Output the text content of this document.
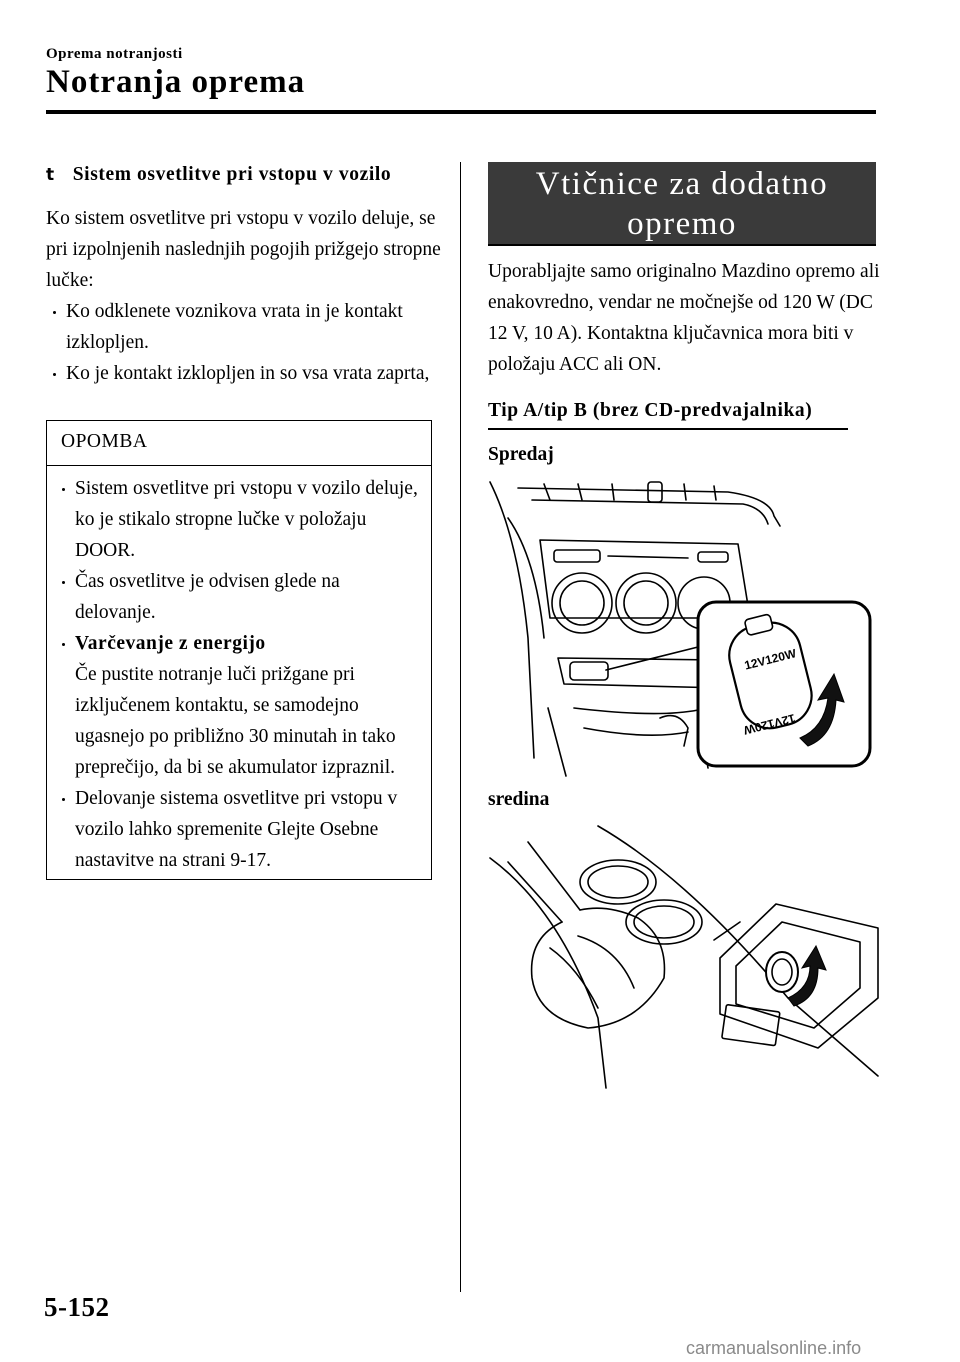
Oprema notranjosti
Notranja oprema
t Sistem osvetlitve pri vstopu v vozilo
Ko sistem osvetlitve pri vstopu v vozilo deluje, se pri izpolnjenih naslednjih pogojih prižgejo stropne lučke:
Ko odklenete voznikova vrata in je kontakt izklopljen.
Ko je kontakt izklopljen in so vsa vrata zaprta,
OPOMBA
Sistem osvetlitve pri vstopu v vozilo deluje, ko je stikalo stropne lučke v položaju DOOR.
Čas osvetlitve je odvisen glede na delovanje.
Varčevanje z energijo
Če pustite notranje luči prižgane pri izključenem kontaktu, se samodejno ugasnejo po približno 30 minutah in tako preprečijo, da bi se akumulator izpraznil.
Delovanje sistema osvetlitve pri vstopu v vozilo lahko spremenite Glejte Osebne nastavitve na strani 9-17.
Vtičnice za dodatno opremo
Uporabljajte samo originalno Mazdino opremo ali enakovredno, vendar ne močnejše od 120 W (DC 12 V, 10 A). Kontaktna ključavnica mora biti v položaju ACC ali ON.
Tip A/tip B (brez CD-predvajalnika)
Spredaj
12V120W
12V120W
sredina
5-152
carmanualsonline.info
